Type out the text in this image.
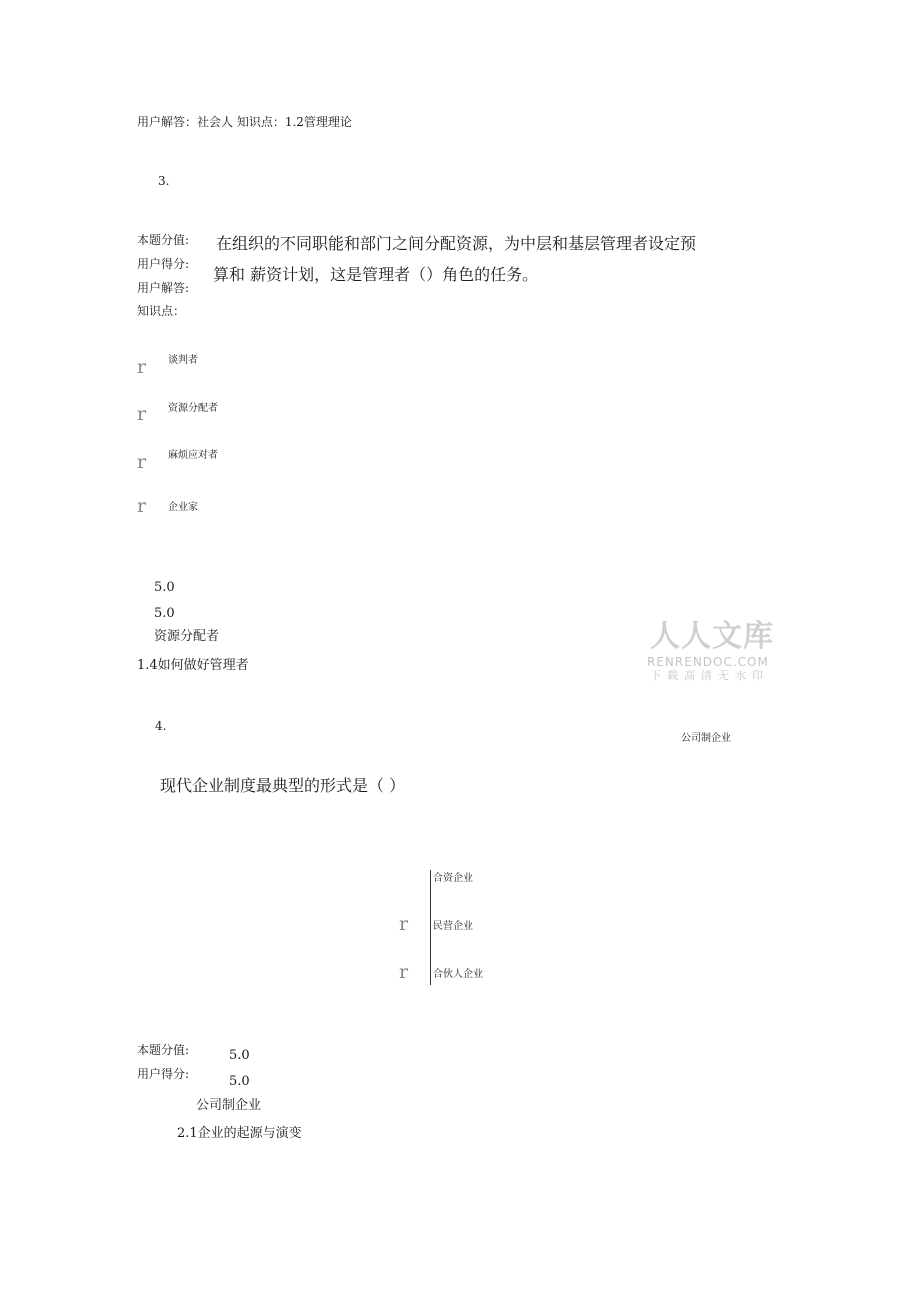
用户解答：社会人 知识点：1.2管理理论
3.
本题分值:
用户得分:
用户解答:
知识点：
在组织的不同职能和部门之间分配资源，为中层和基层管理者设定预
算和 薪资计划，这是管理者（）角色的任务。
r 谈判者
r 资源分配者
r 麻烦应对者
r 企业家
5.0
5.0
资源分配者
1.4如何做好管理者
人人文库
RENRENDOC.COM
下载高清无水印
4.
公司制企业
现代企业制度最典型的形式是（ ）
合资企业
r 民营企业
r 合伙人企业
本题分值:
用户得分:
5.0
5.0
公司制企业
2.1企业的起源与演变
